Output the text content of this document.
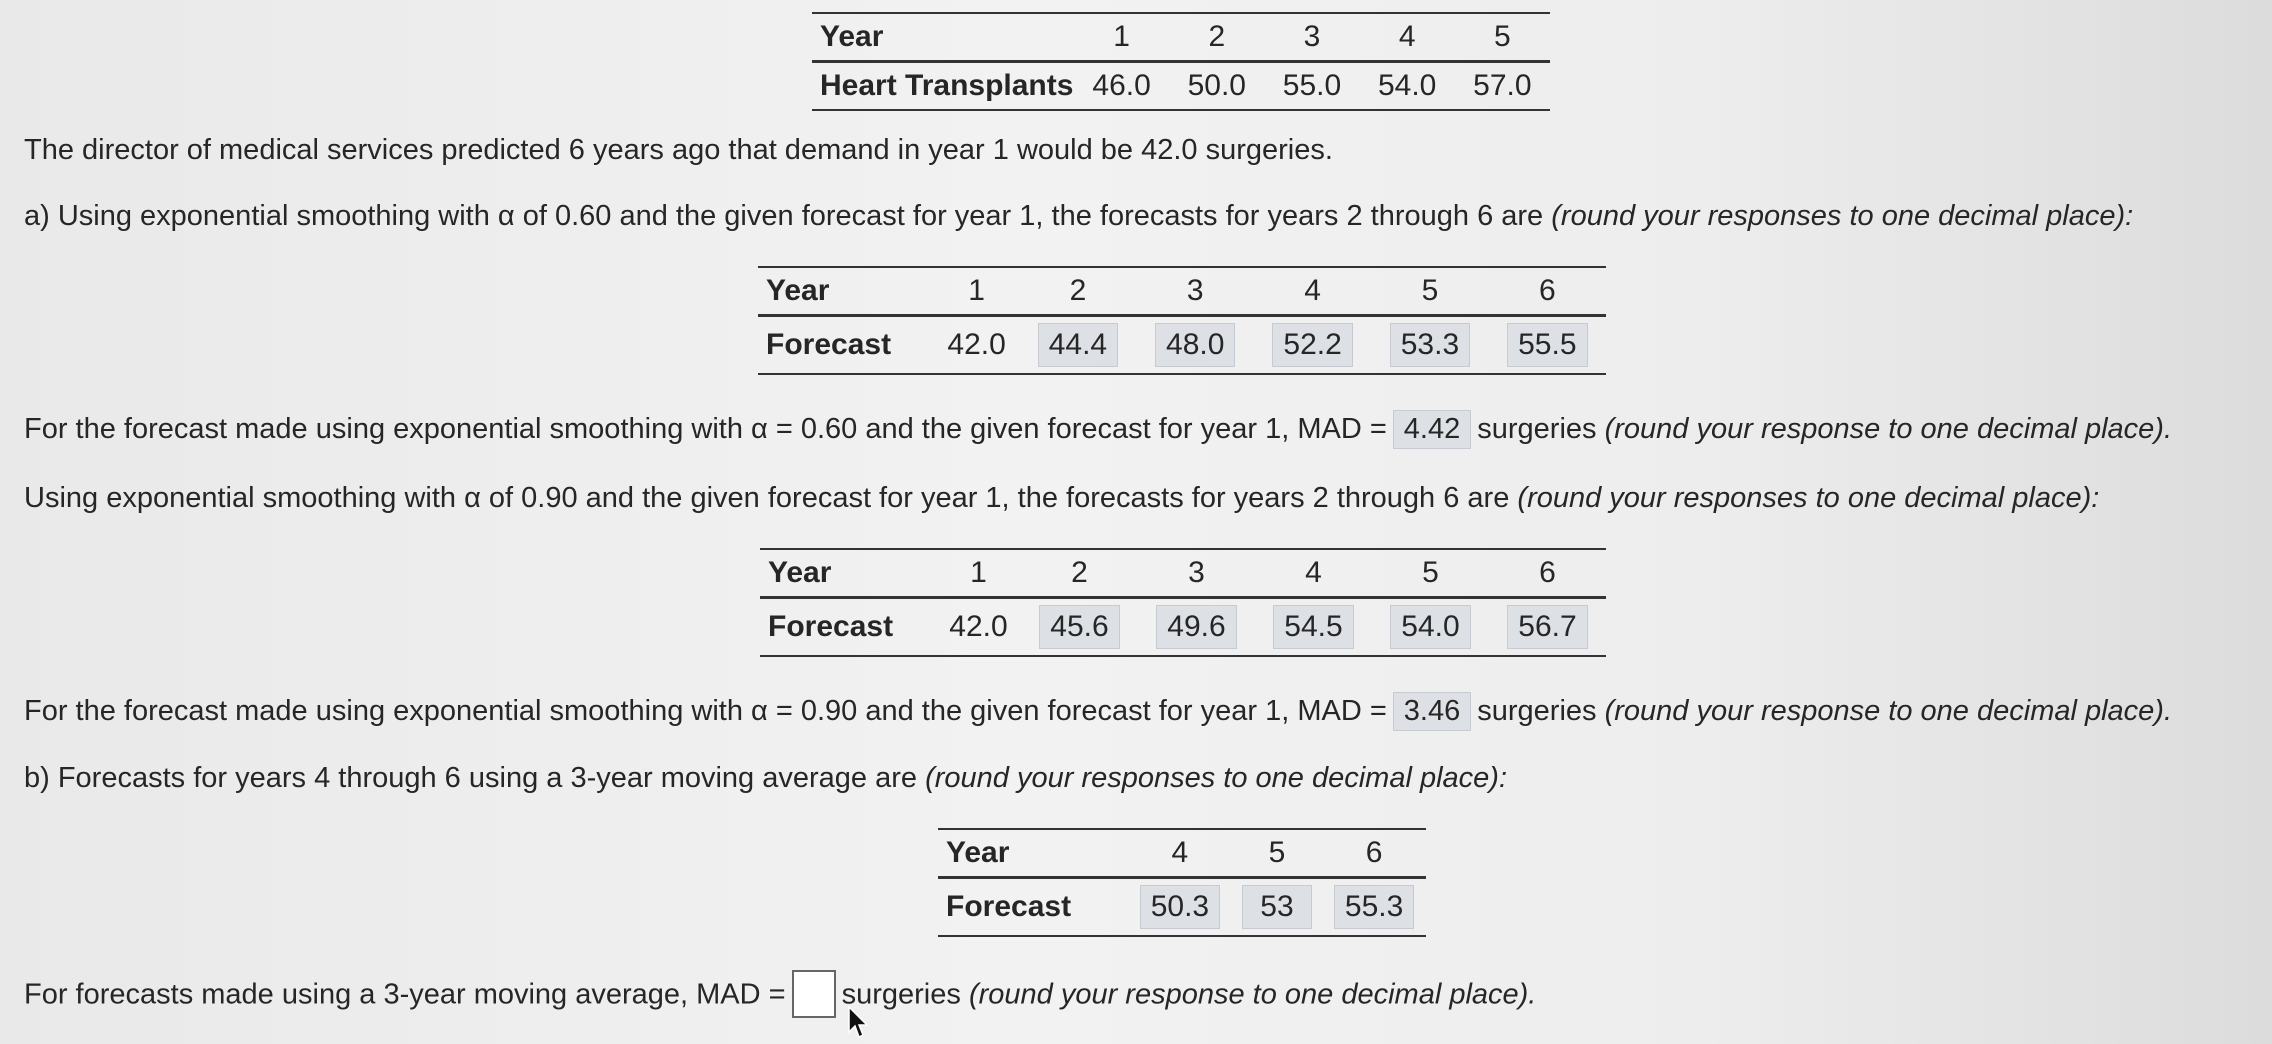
Year	1	2	3	4	5
Heart Transplants	46.0	50.0	55.0	54.0	57.0

The director of medical services predicted 6 years ago that demand in year 1 would be 42.0 surgeries.

a) Using exponential smoothing with α of 0.60 and the given forecast for year 1, the forecasts for years 2 through 6 are (round your responses to one decimal place):

Year	1	2	3	4	5	6
Forecast	42.0	44.4	48.0	52.2	53.3	55.5

For the forecast made using exponential smoothing with α = 0.60 and the given forecast for year 1, MAD = 4.42 surgeries (round your response to one decimal place).

Using exponential smoothing with α of 0.90 and the given forecast for year 1, the forecasts for years 2 through 6 are (round your responses to one decimal place):

Year	1	2	3	4	5	6
Forecast	42.0	45.6	49.6	54.5	54.0	56.7

For the forecast made using exponential smoothing with α = 0.90 and the given forecast for year 1, MAD = 3.46 surgeries (round your response to one decimal place).

b) Forecasts for years 4 through 6 using a 3-year moving average are (round your responses to one decimal place):

Year	4	5	6
Forecast	50.3	53	55.3

For forecasts made using a 3-year moving average, MAD = surgeries (round your response to one decimal place).
